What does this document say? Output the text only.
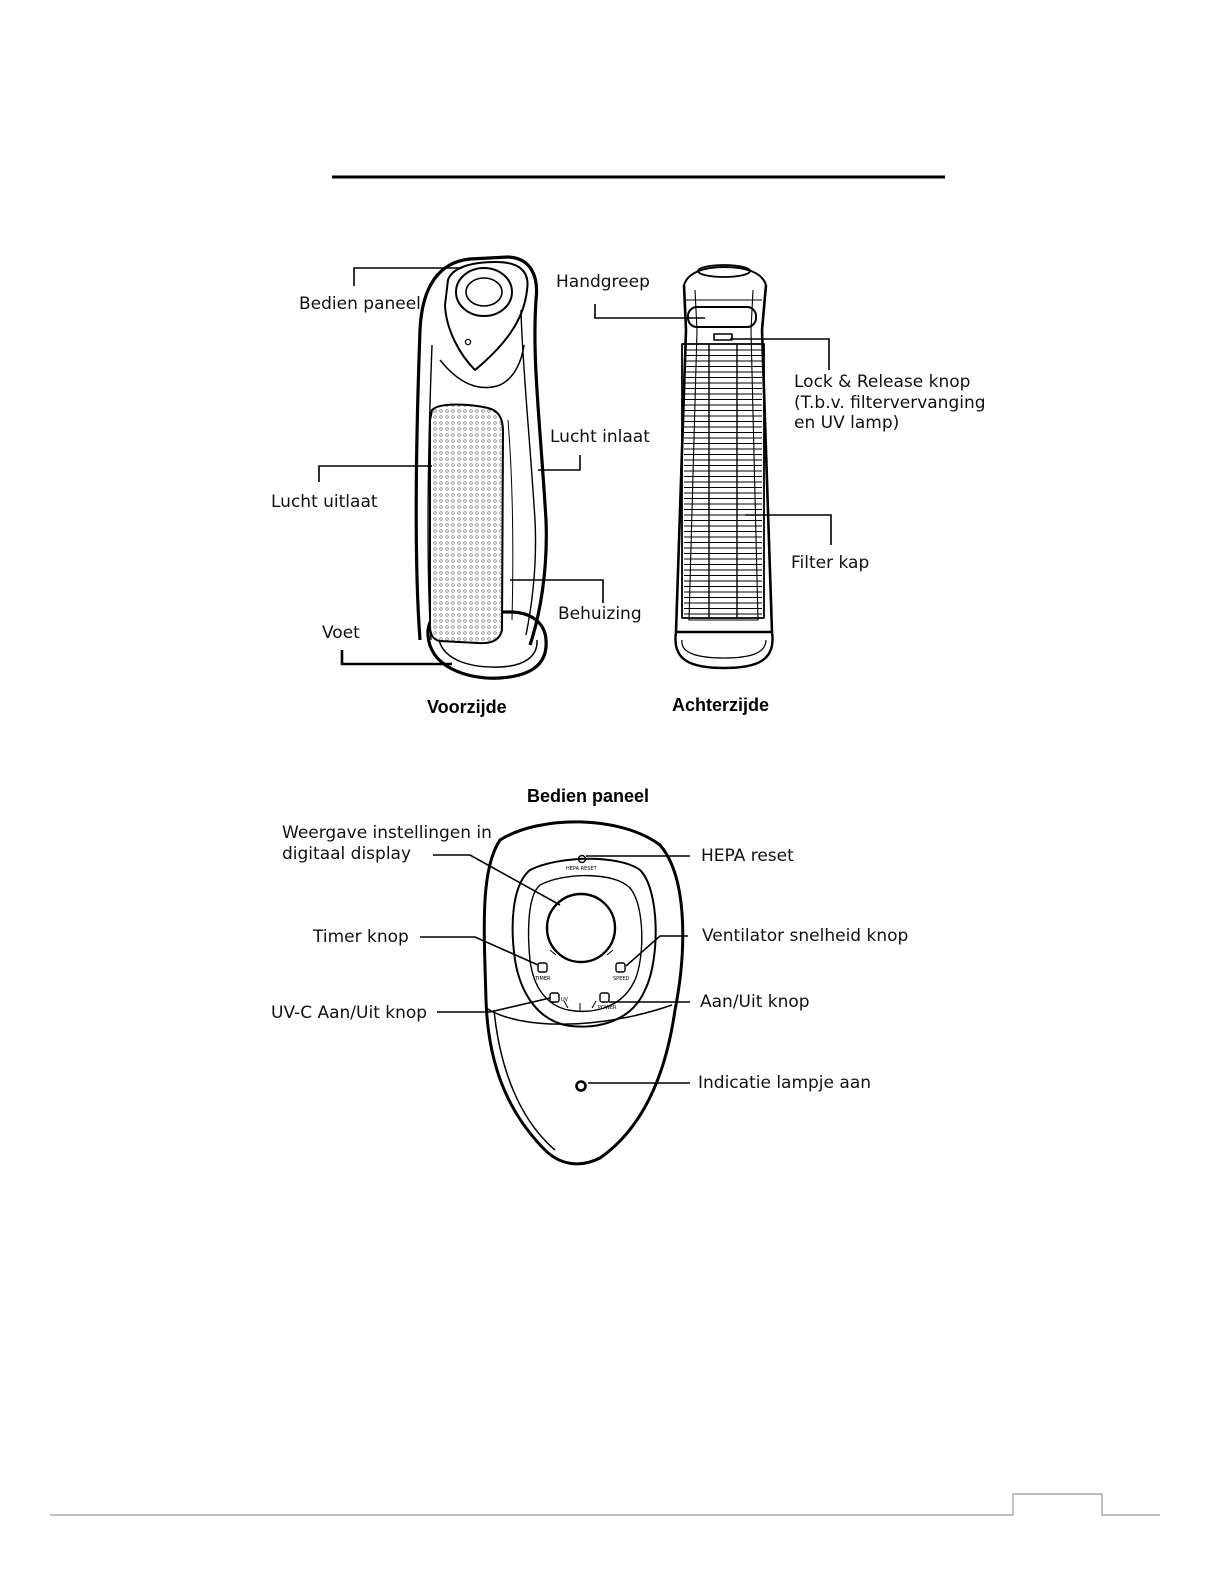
Bedien paneel
Lucht uitlaat
Lucht inlaat
Behuizing
Voet
Handgreep
Lock & Release knop
(T.b.v. filtervervanging
en UV lamp)
Filter kap
Voorzijde	Achterzijde
Bedien paneel
HEPA RESET
TIMER	SPEED
UV
POWER
Weergave instellingen in
digitaal display	HEPA reset
Timer knop	Ventilator snelheid knop
UV-C Aan/Uit knop
Aan/Uit knop
Indicatie lampje aan
